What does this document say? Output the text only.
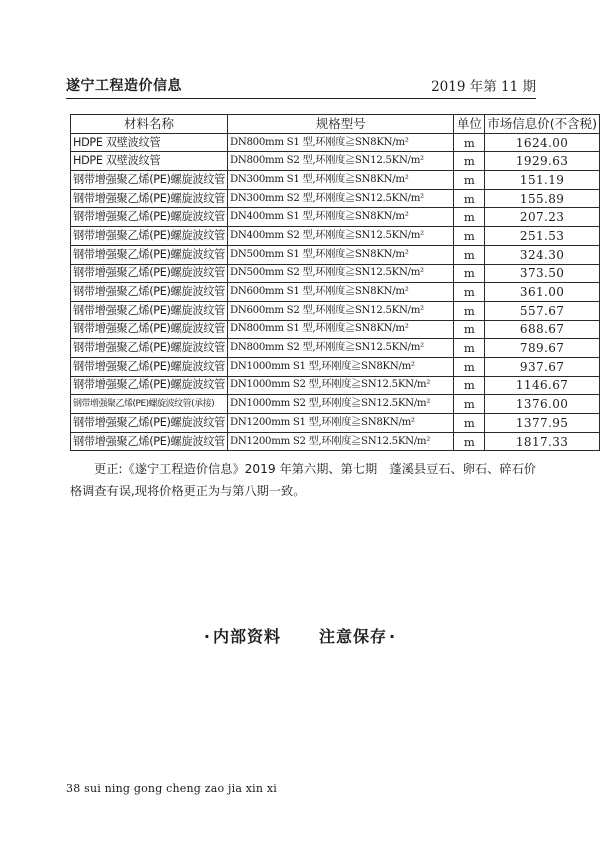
遂宁工程造价信息	2019 年第 11 期
材料名称	规格型号	单位	市场信息价(不含税)
HDPE 双壁波纹管	DN800mm S1 型,环刚度≧SN8KN/m²	m	1624.00
HDPE 双壁波纹管	DN800mm S2 型,环刚度≧SN12.5KN/m²	m	1929.63
钢带增强聚乙烯(PE)螺旋波纹管	DN300mm S1 型,环刚度≧SN8KN/m²	m	151.19
钢带增强聚乙烯(PE)螺旋波纹管	DN300mm S2 型,环刚度≧SN12.5KN/m²	m	155.89
钢带增强聚乙烯(PE)螺旋波纹管	DN400mm S1 型,环刚度≧SN8KN/m²	m	207.23
钢带增强聚乙烯(PE)螺旋波纹管	DN400mm S2 型,环刚度≧SN12.5KN/m²	m	251.53
钢带增强聚乙烯(PE)螺旋波纹管	DN500mm S1 型,环刚度≧SN8KN/m²	m	324.30
钢带增强聚乙烯(PE)螺旋波纹管	DN500mm S2 型,环刚度≧SN12.5KN/m²	m	373.50
钢带增强聚乙烯(PE)螺旋波纹管	DN600mm S1 型,环刚度≧SN8KN/m²	m	361.00
钢带增强聚乙烯(PE)螺旋波纹管	DN600mm S2 型,环刚度≧SN12.5KN/m²	m	557.67
钢带增强聚乙烯(PE)螺旋波纹管	DN800mm S1 型,环刚度≧SN8KN/m²	m	688.67
钢带增强聚乙烯(PE)螺旋波纹管	DN800mm S2 型,环刚度≧SN12.5KN/m²	m	789.67
钢带增强聚乙烯(PE)螺旋波纹管	DN1000mm S1 型,环刚度≧SN8KN/m²	m	937.67
钢带增强聚乙烯(PE)螺旋波纹管	DN1000mm S2 型,环刚度≧SN12.5KN/m²	m	1146.67
钢带增强聚乙烯(PE)螺旋波纹管(承接)	DN1000mm S2 型,环刚度≧SN12.5KN/m²	m	1376.00
钢带增强聚乙烯(PE)螺旋波纹管	DN1200mm S1 型,环刚度≧SN8KN/m²	m	1377.95
钢带增强聚乙烯(PE)螺旋波纹管	DN1200mm S2 型,环刚度≧SN12.5KN/m²	m	1817.33
更正:《遂宁工程造价信息》2019 年第六期、第七期　蓬溪县豆石、卵石、碎石价格调查有误,现将价格更正为与第八期一致。
· 内部资料 注意保存 ·
38 sui ning gong cheng zao jia xin xi
